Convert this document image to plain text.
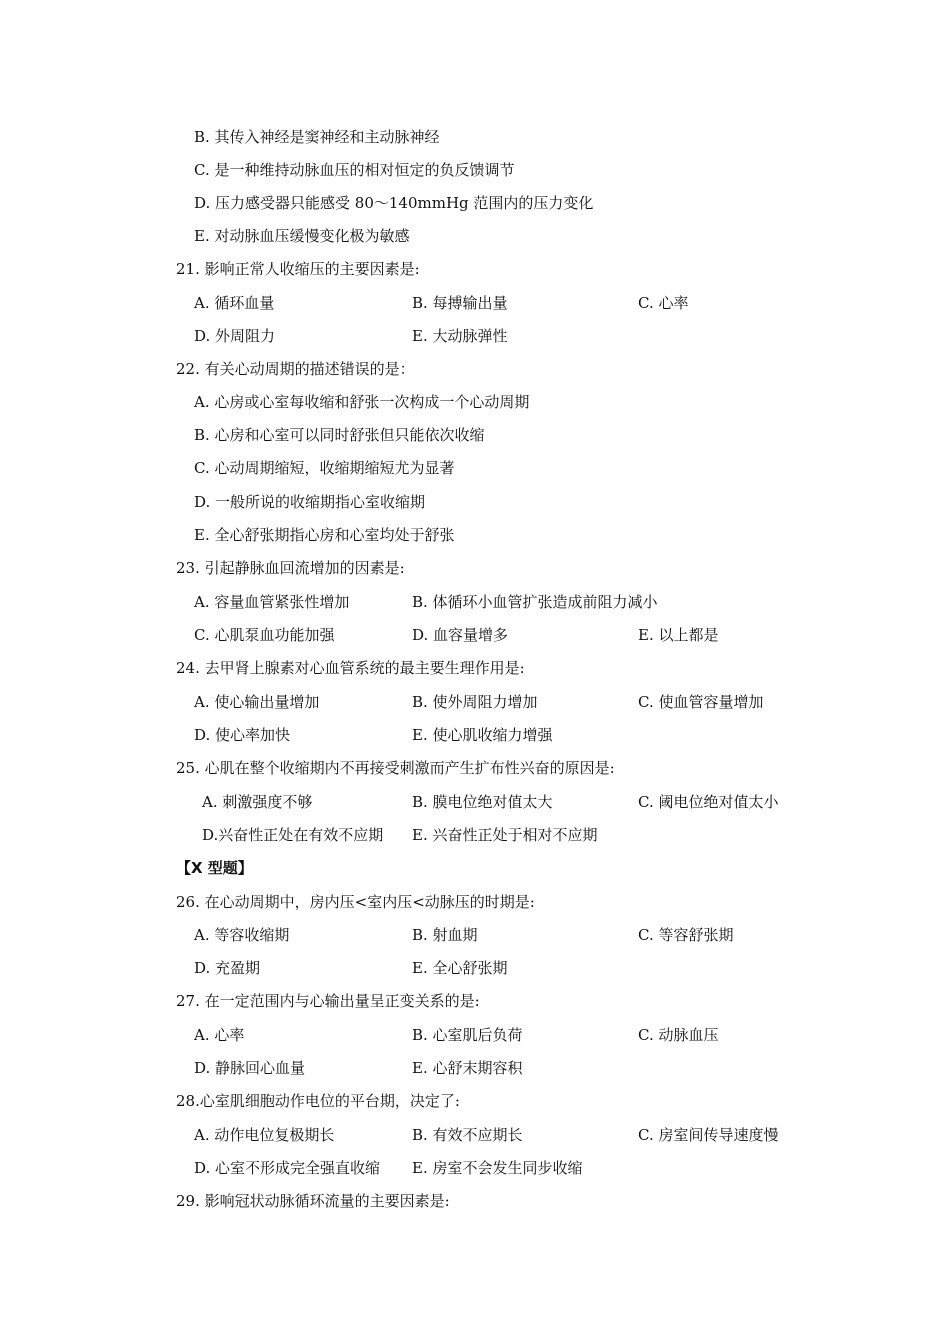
B. 其传入神经是窦神经和主动脉神经
C. 是一种维持动脉血压的相对恒定的负反馈调节
D. 压力感受器只能感受 80～140mmHg 范围内的压力变化
E. 对动脉血压缓慢变化极为敏感
21. 影响正常人收缩压的主要因素是:
A. 循环血量	B. 每搏输出量	C. 心率
D. 外周阻力	E. 大动脉弹性
22. 有关心动周期的描述错误的是：
A. 心房或心室每收缩和舒张一次构成一个心动周期
B. 心房和心室可以同时舒张但只能依次收缩
C. 心动周期缩短，收缩期缩短尤为显著
D. 一般所说的收缩期指心室收缩期
E. 全心舒张期指心房和心室均处于舒张
23. 引起静脉血回流增加的因素是:
A. 容量血管紧张性增加	B. 体循环小血管扩张造成前阻力减小
C. 心肌泵血功能加强	D. 血容量增多	E. 以上都是
24. 去甲肾上腺素对心血管系统的最主要生理作用是:
A. 使心输出量增加	B. 使外周阻力增加	C. 使血管容量增加
D. 使心率加快	E. 使心肌收缩力增强
25. 心肌在整个收缩期内不再接受刺激而产生扩布性兴奋的原因是:
A. 刺激强度不够	B. 膜电位绝对值太大	C. 阈电位绝对值太小
D.兴奋性正处在有效不应期 E. 兴奋性正处于相对不应期
【X 型题】
26. 在心动周期中，房内压<室内压<动脉压的时期是:
A. 等容收缩期	B. 射血期	C. 等容舒张期
D. 充盈期	E. 全心舒张期
27. 在一定范围内与心输出量呈正变关系的是:
A. 心率	B. 心室肌后负荷	C. 动脉血压
D. 静脉回心血量	E. 心舒末期容积
28.心室肌细胞动作电位的平台期，决定了:
A. 动作电位复极期长	B. 有效不应期长	C. 房室间传导速度慢
D. 心室不形成完全强直收缩 E. 房室不会发生同步收缩
29. 影响冠状动脉循环流量的主要因素是:
